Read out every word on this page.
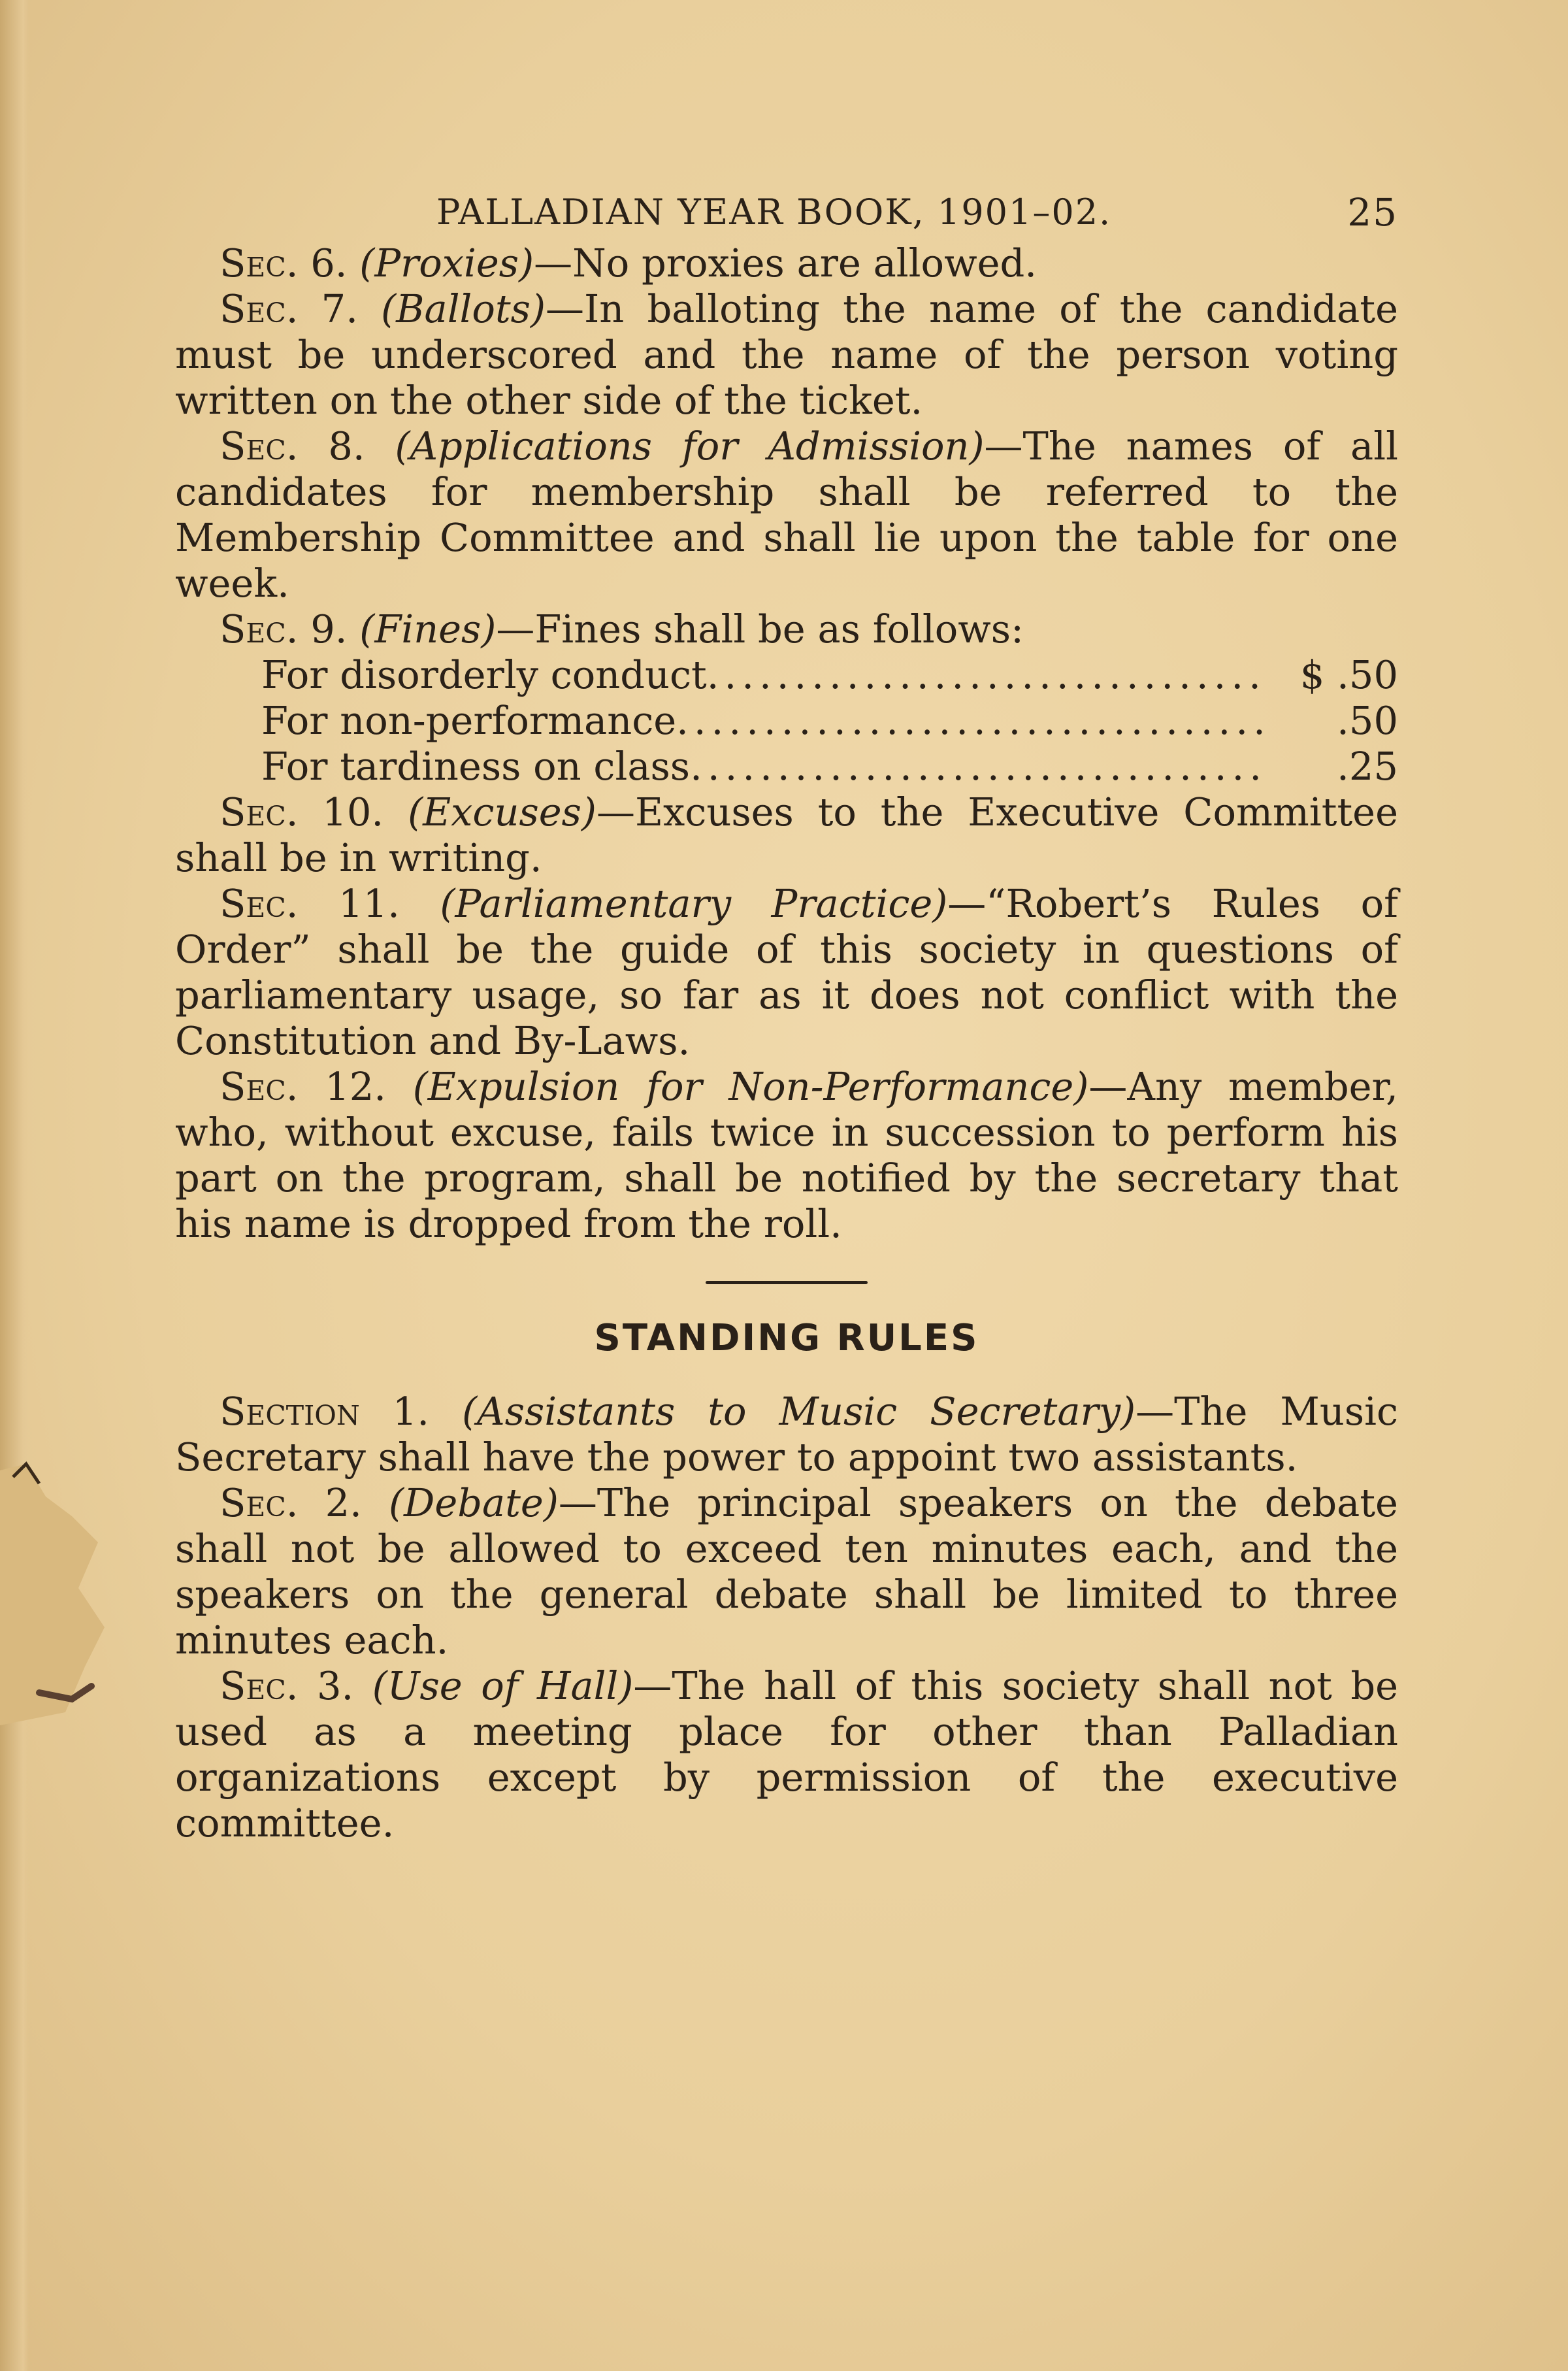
PALLADIAN YEAR BOOK, 1901–02.	25

Sec. 6. (Proxies)—No proxies are allowed.

Sec. 7. (Ballots)—In balloting the name of the candidate must be underscored and the name of the person voting written on the other side of the ticket.

Sec. 8. (Applications for Admission)—The names of all candidates for membership shall be referred to the Membership Committee and shall lie upon the table for one week.

Sec. 9. (Fines)—Fines shall be as follows:

For disorderly conduct .....	$ .50
For non-performance .....	.50
For tardiness on class .....	.25

Sec. 10. (Excuses)—Excuses to the Executive Committee shall be in writing.

Sec. 11. (Parliamentary Practice)—“Robert’s Rules of Order” shall be the guide of this society in questions of parliamentary usage, so far as it does not conflict with the Constitution and By-Laws.

Sec. 12. (Expulsion for Non-Performance)—Any member, who, without excuse, fails twice in succession to perform his part on the program, shall be notified by the secretary that his name is dropped from the roll.

STANDING RULES

Section 1. (Assistants to Music Secretary)—The Music Secretary shall have the power to appoint two assistants.

Sec. 2. (Debate)—The principal speakers on the debate shall not be allowed to exceed ten minutes each, and the speakers on the general debate shall be limited to three minutes each.

Sec. 3. (Use of Hall)—The hall of this society shall not be used as a meeting place for other than Palladian organizations except by permission of the executive committee.
